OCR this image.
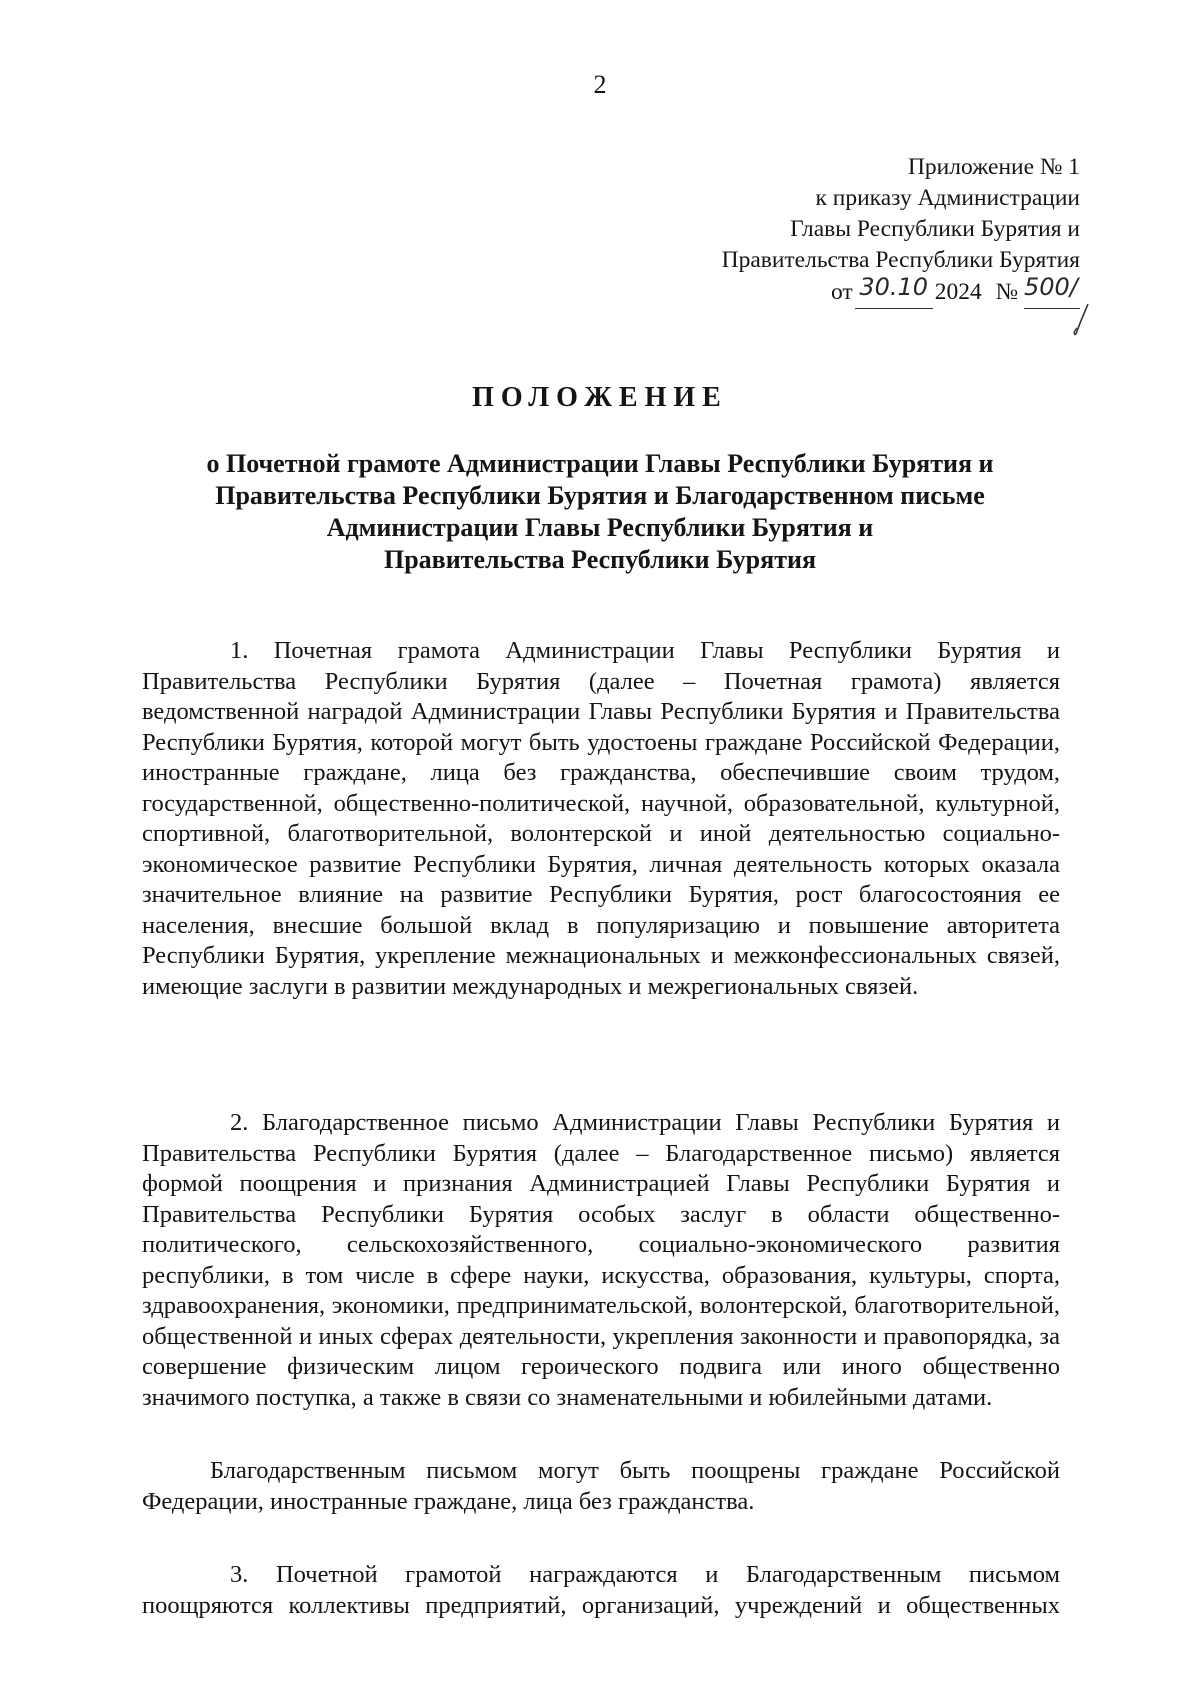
2
Приложение № 1
к приказу Администрации
Главы Республики Бурятия и
Правительства Республики Бурятия
от 30.10 2024 № 500/
ПОЛОЖЕНИЕ
о Почетной грамоте Администрации Главы Республики Бурятия и
Правительства Республики Бурятия и Благодарственном письме
Администрации Главы Республики Бурятия и
Правительства Республики Бурятия

1. Почетная грамота Администрации Главы Республики Бурятия и Правительства Республики Бурятия (далее – Почетная грамота) является ведомственной наградой Администрации Главы Республики Бурятия и Правительства Республики Бурятия, которой могут быть удостоены граждане Российской Федерации, иностранные граждане, лица без гражданства, обеспечившие своим трудом, государственной, общественно-политической, научной, образовательной, культурной, спортивной, благотворительной, волонтерской и иной деятельностью социально-экономическое развитие Республики Бурятия, личная деятельность которых оказала значительное влияние на развитие Республики Бурятия, рост благосостояния ее населения, внесшие большой вклад в популяризацию и повышение авторитета Республики Бурятия, укрепление межнациональных и межконфессиональных связей, имеющие заслуги в развитии международных и межрегиональных связей.

2. Благодарственное письмо Администрации Главы Республики Бурятия и Правительства Республики Бурятия (далее – Благодарственное письмо) является формой поощрения и признания Администрацией Главы Республики Бурятия и Правительства Республики Бурятия особых заслуг в области общественно-политического, сельскохозяйственного, социально-экономического развития республики, в том числе в сфере науки, искусства, образования, культуры, спорта, здравоохранения, экономики, предпринимательской, волонтерской, благотворительной, общественной и иных сферах деятельности, укрепления законности и правопорядка, за совершение физическим лицом героического подвига или иного общественно значимого поступка, а также в связи со знаменательными и юбилейными датами.

Благодарственным письмом могут быть поощрены граждане Российской Федерации, иностранные граждане, лица без гражданства.

3. Почетной грамотой награждаются и Благодарственным письмом поощряются коллективы предприятий, организаций, учреждений и общественных
